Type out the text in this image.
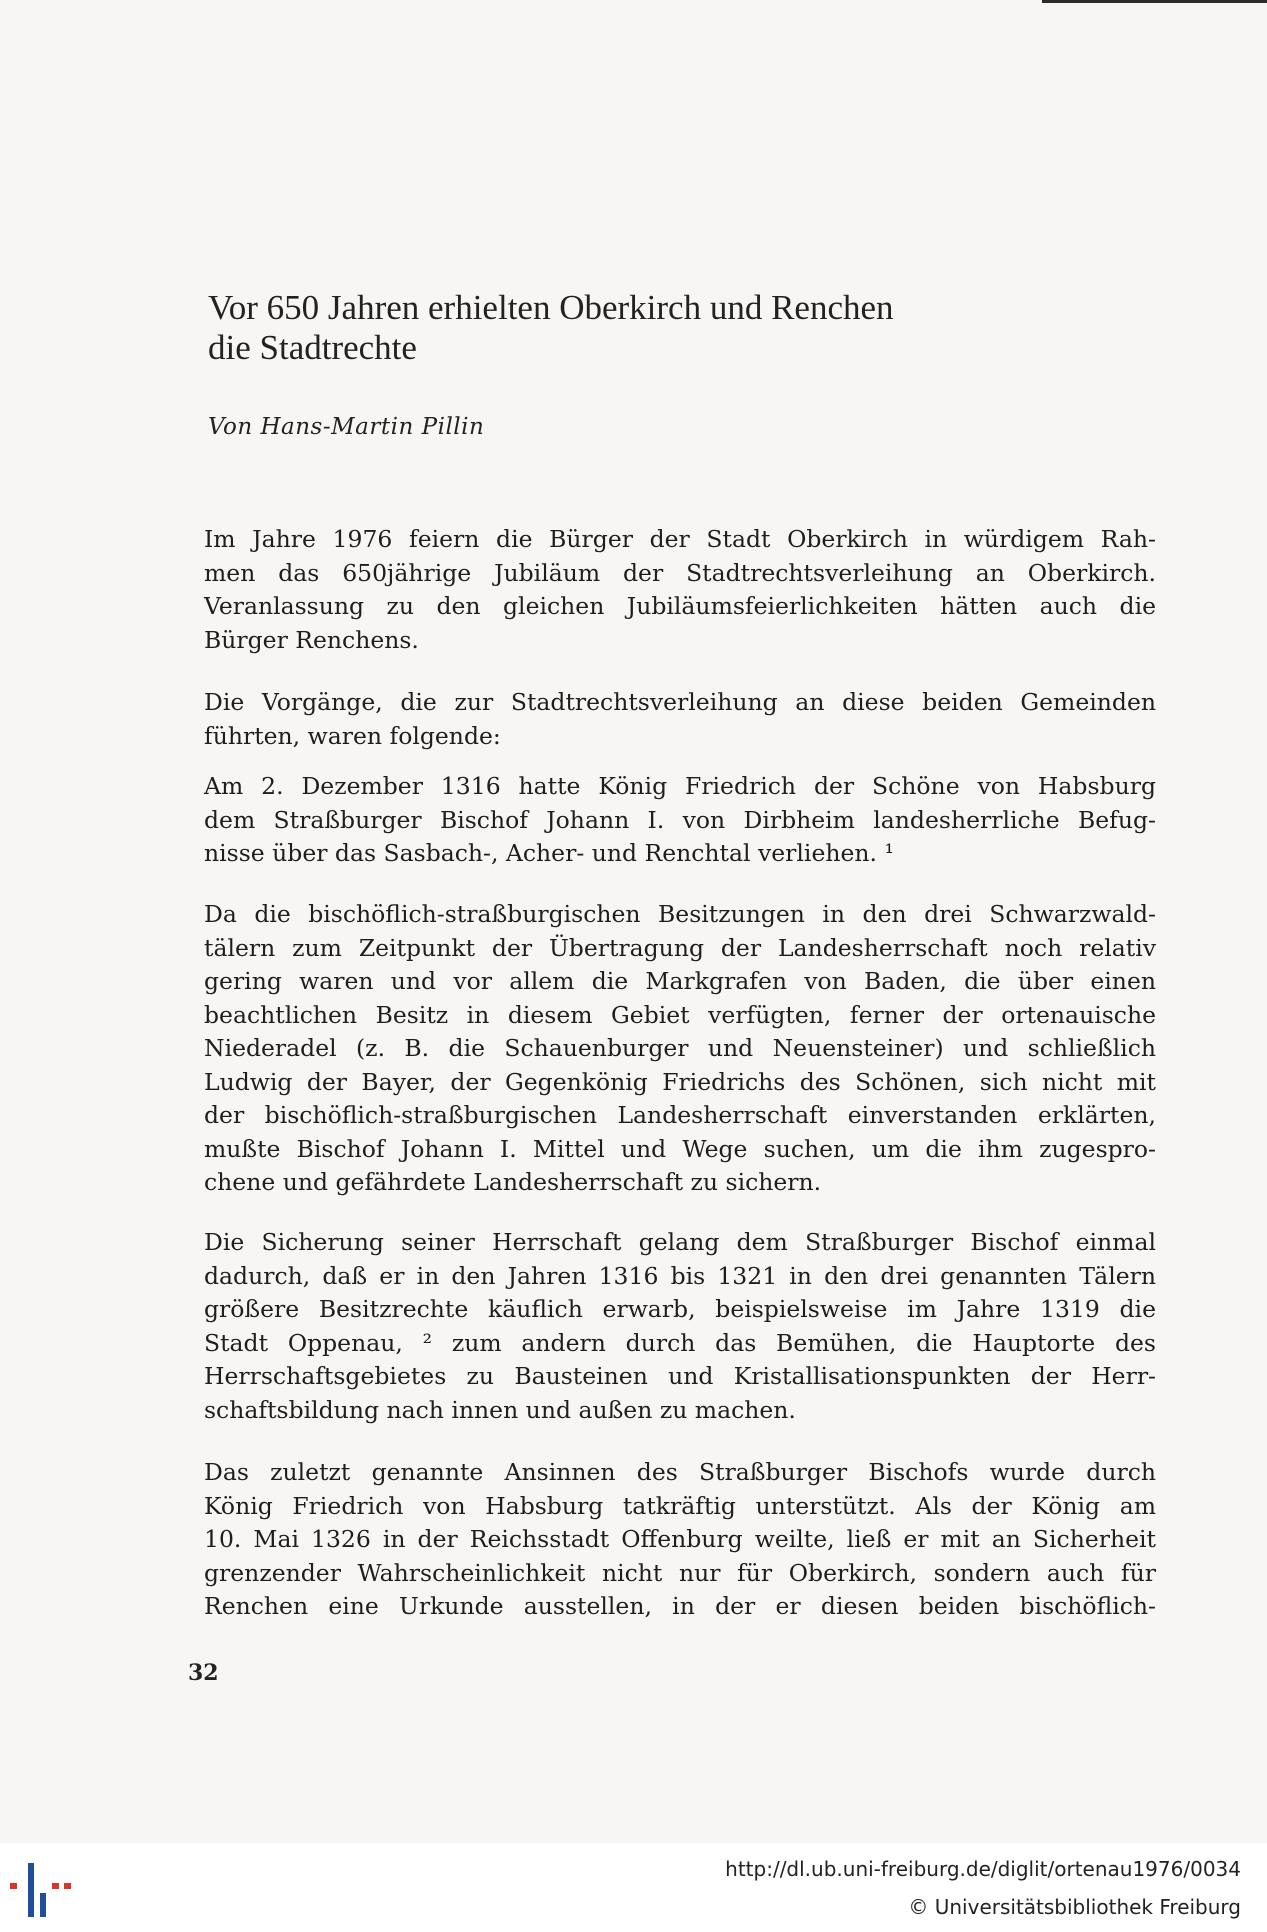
Vor 650 Jahren erhielten Oberkirch und Renchen
die Stadtrechte
Von Hans-Martin Pillin
Im Jahre 1976 feiern die Bürger der Stadt Oberkirch in würdigem Rah-
men das 650jährige Jubiläum der Stadtrechtsverleihung an Oberkirch.
Veranlassung zu den gleichen Jubiläumsfeierlichkeiten hätten auch die
Bürger Renchens.
Die Vorgänge, die zur Stadtrechtsverleihung an diese beiden Gemeinden
führten, waren folgende:
Am 2. Dezember 1316 hatte König Friedrich der Schöne von Habsburg
dem Straßburger Bischof Johann I. von Dirbheim landesherrliche Befug-
nisse über das Sasbach-, Acher- und Renchtal verliehen. ¹
Da die bischöflich-straßburgischen Besitzungen in den drei Schwarzwald-
tälern zum Zeitpunkt der Übertragung der Landesherrschaft noch relativ
gering waren und vor allem die Markgrafen von Baden, die über einen
beachtlichen Besitz in diesem Gebiet verfügten, ferner der ortenauische
Niederadel (z. B. die Schauenburger und Neuensteiner) und schließlich
Ludwig der Bayer, der Gegenkönig Friedrichs des Schönen, sich nicht mit
der bischöflich-straßburgischen Landesherrschaft einverstanden erklärten,
mußte Bischof Johann I. Mittel und Wege suchen, um die ihm zugespro-
chene und gefährdete Landesherrschaft zu sichern.
Die Sicherung seiner Herrschaft gelang dem Straßburger Bischof einmal
dadurch, daß er in den Jahren 1316 bis 1321 in den drei genannten Tälern
größere Besitzrechte käuflich erwarb, beispielsweise im Jahre 1319 die
Stadt Oppenau, ² zum andern durch das Bemühen, die Hauptorte des
Herrschaftsgebietes zu Bausteinen und Kristallisationspunkten der Herr-
schaftsbildung nach innen und außen zu machen.
Das zuletzt genannte Ansinnen des Straßburger Bischofs wurde durch
König Friedrich von Habsburg tatkräftig unterstützt. Als der König am
10. Mai 1326 in der Reichsstadt Offenburg weilte, ließ er mit an Sicherheit
grenzender Wahrscheinlichkeit nicht nur für Oberkirch, sondern auch für
Renchen eine Urkunde ausstellen, in der er diesen beiden bischöflich-
32
http://dl.ub.uni-freiburg.de/diglit/ortenau1976/0034
© Universitätsbibliothek Freiburg
